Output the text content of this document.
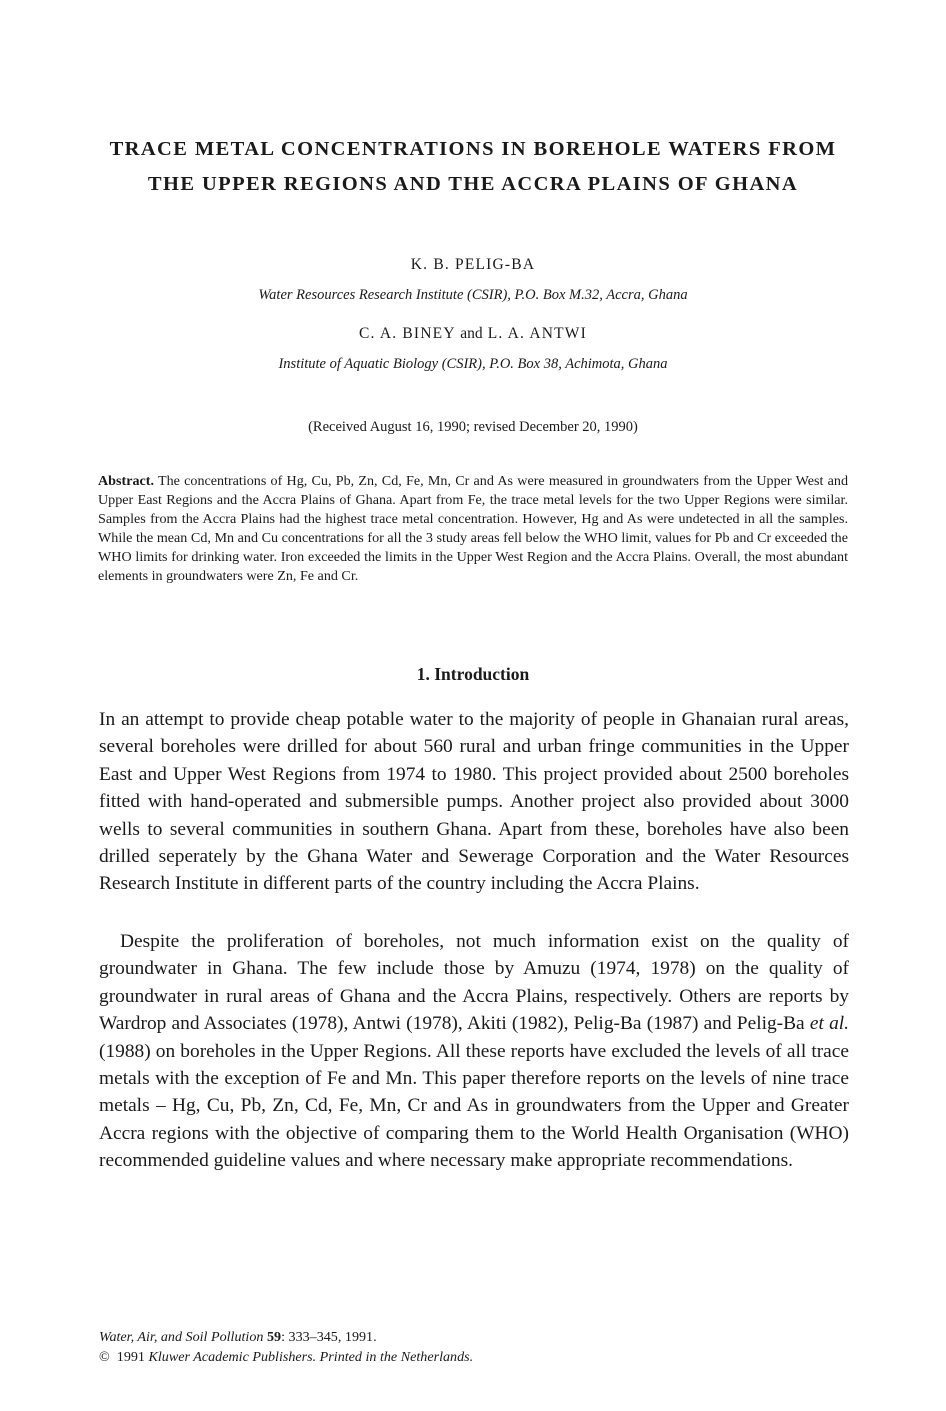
TRACE METAL CONCENTRATIONS IN BOREHOLE WATERS FROM
THE UPPER REGIONS AND THE ACCRA PLAINS OF GHANA
K. B. PELIG-BA
Water Resources Research Institute (CSIR), P.O. Box M.32, Accra, Ghana
C. A. BINEY and L. A. ANTWI
Institute of Aquatic Biology (CSIR), P.O. Box 38, Achimota, Ghana
(Received August 16, 1990; revised December 20, 1990)
Abstract. The concentrations of Hg, Cu, Pb, Zn, Cd, Fe, Mn, Cr and As were measured in groundwaters from the Upper West and Upper East Regions and the Accra Plains of Ghana. Apart from Fe, the trace metal levels for the two Upper Regions were similar. Samples from the Accra Plains had the highest trace metal concentration. However, Hg and As were undetected in all the samples. While the mean Cd, Mn and Cu concentrations for all the 3 study areas fell below the WHO limit, values for Pb and Cr exceeded the WHO limits for drinking water. Iron exceeded the limits in the Upper West Region and the Accra Plains. Overall, the most abundant elements in groundwaters were Zn, Fe and Cr.
1. Introduction

In an attempt to provide cheap potable water to the majority of people in Ghanaian rural areas, several boreholes were drilled for about 560 rural and urban fringe communities in the Upper East and Upper West Regions from 1974 to 1980. This project provided about 2500 boreholes fitted with hand-operated and submersible pumps. Another project also provided about 3000 wells to several communities in southern Ghana. Apart from these, boreholes have also been drilled seperately by the Ghana Water and Sewerage Corporation and the Water Resources Research Institute in different parts of the country including the Accra Plains.

Despite the proliferation of boreholes, not much information exist on the quality of groundwater in Ghana. The few include those by Amuzu (1974, 1978) on the quality of groundwater in rural areas of Ghana and the Accra Plains, respectively. Others are reports by Wardrop and Associates (1978), Antwi (1978), Akiti (1982), Pelig-Ba (1987) and Pelig-Ba et al. (1988) on boreholes in the Upper Regions. All these reports have excluded the levels of all trace metals with the exception of Fe and Mn. This paper therefore reports on the levels of nine trace metals – Hg, Cu, Pb, Zn, Cd, Fe, Mn, Cr and As in groundwaters from the Upper and Greater Accra regions with the objective of comparing them to the World Health Organisation (WHO) recommended guideline values and where necessary make appropriate recommendations.

Water, Air, and Soil Pollution 59: 333–345, 1991.
© 1991 Kluwer Academic Publishers. Printed in the Netherlands.
